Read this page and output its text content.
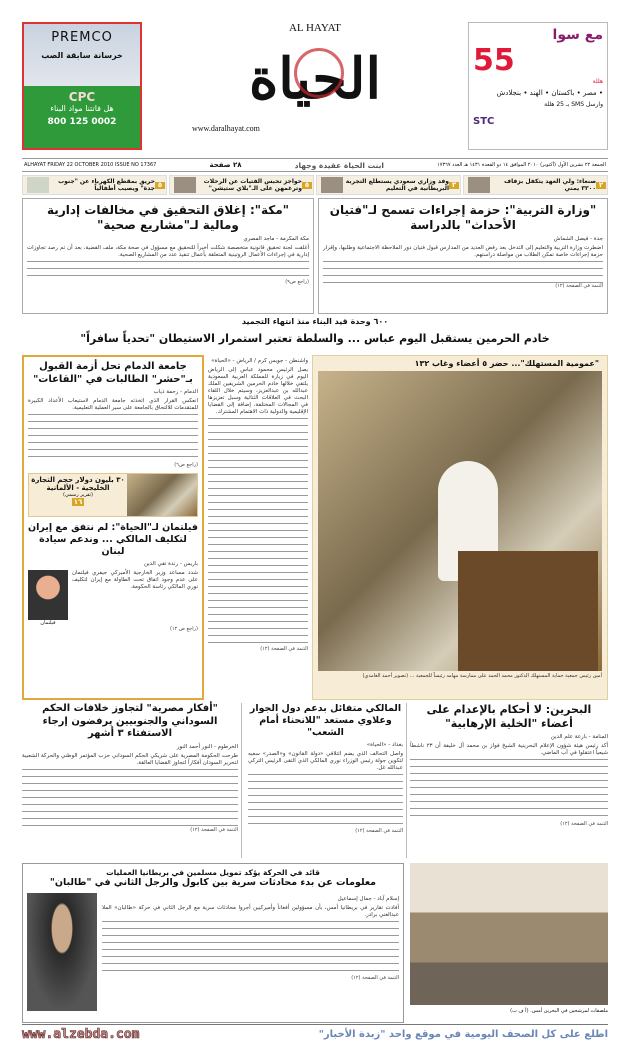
PREMCO
خرسانة سابقة الصب
CPC
هل فاتتنا مواد البناء
800 125 0002
AL HAYAT
الحياة
www.daralhayat.com
مع سوا
55
هللة
• مصر • باكستان • الهند • بنجلادش
وارسل SMS بـ 25 هللة
STC
ALHAYAT FRIDAY 22 OCTOBER 2010 ISSUE NO 17367	٢٨ صفحة	ابنت الحياة عقيدة وجهاد	الجمعة ٢٢ تشرين الأول (أكتوبر) ٢٠١٠ الموافق ١٤ ذو القعدة ١٤٣١ هـ العدد ١٧٣٦٧
صنعاء: ولي العهد يتكفل بزفاف ٣٣٠٠ يمني ٢
وفد وزاري سعودي يستطلع التجربة البريطانية في التعليم ٣
حواجز تحبس الفتيات عن الرحلات وترغمهن على الـ"بلاي ستيشن" ٥
حريق بمقطع الكهرباء عن "جنوب جدة" ويصيب أطفالياً ٥
"وزارة التربية": حزمة إجراءات تسمح لـ"فتيان الأحداث" بالدراسة
جدة - فيصل الشماش
اضطرت وزارة التربية والتعليم إلى التدخل بعد رفض العديد من المدارس قبول فتيان دور الملاحظة الاجتماعية وطلبها، وإقرار حزمة إجراءات خاصة تمكن الطلاب من مواصلة دراستهم.
التتمة في الصفحة (١٢)
"مكة": إغلاق التحقيق في مخالفات إدارية ومالية لـ"مشاريع صحية"
مكة المكرمة - ماجد المصري
أغلقت لجنة تحقيق قانونية متخصصة شكلت أخيراً للتحقيق مع مسؤول في صحة مكة، ملف القضية، بعد أن تم رصد تجاوزات إدارية في إجراءات الأعمال الروتينية المتعلقة بأعمال تنفيذ عدد من المشاريع الصحية.
(راجع ص٩)
٦٠٠ وحدة قيد البناء منذ انتهاء التجميد
خادم الحرمين يستقبل اليوم عباس ... والسلطة تعتبر استمرار الاستيطان "تحدياً سافراً"
"عمومية المستهلك"... حضر ٥ أعضاء وغاب ١٣٢
أمين رئيس جمعية حماية المستهلك الدكتور محمد الحمد على ممارسة مهامه رئيساً للجمعية ... (تصوير أحمد الغامدي)
واشنطن - جويس كرم / الرياض - «الحياة»
يصل الرئيس محمود عباس إلى الرياض اليوم في زيارة للمملكة العربية السعودية يلتقي خلالها خادم الحرمين الشريفين الملك عبدالله بن عبدالعزيز، وسيتم خلال اللقاء البحث في العلاقات الثنائية وسبل تعزيزها في المجالات المختلفة، إضافة إلى القضايا الإقليمية والدولية ذات الاهتمام المشترك.
التتمة في الصفحة (١٢)
جامعة الدمام تحل أزمة القبول بـ"حشر" الطالبات في "القاعات"
الدمام - رحمة ذياب
انعكس القرار الذي اتخذته جامعة الدمام لاستيعاب الأعداد الكبيرة للمتقدمات للالتحاق بالجامعة على سير العملية التعليمية.
(راجع ص٦)
٣٠ بليون دولار حجم التجارة الخليجية - الألمانية
(تقرير رسمي)
١٦
فيلتمان لـ"الحياة": لم نتفق مع إيران لتكليف المالكي ... وندعم سيادة لبنان
باريس - رندة تقي الدين
شدد مساعد وزير الخارجية الأميركي جيفري فيلتمان على عدم وجود اتفاق تحت الطاولة مع إيران لتكليف نوري المالكي رئاسة الحكومة.
فيلتمان
(راجع ص ١٢)
البحرين: لا أحكام بالإعدام على أعضاء "الخلية الإرهابية"
المنامة - بارعة علم الدين
أكد رئيس هيئة شؤون الإعلام البحرينية الشيخ فواز بن محمد آل خليفة أن ٢٣ ناشطاً شيعياً اعتقلوا في آب الماضي.
التتمة في الصفحة (١٢)
المالكي متفائل بدعم دول الجوار وعلاوي مستعد "للانحناء أمام الشعب"
بغداد - «الحياة»
واصل التحالف الذي يضم ائتلافي «دولة القانون» و«الصدر» سعيه لتكوين جولة رئيس الوزراء نوري المالكي الذي التقى الرئيس التركي عبدالله غل.
التتمة في الصفحة (١٢)
"أفكار مصرية" لتجاوز خلافات الحكم السوداني والجنوبيين يرفضون إرجاء الاستفتاء ٣ أشهر
الخرطوم - النور أحمد النور
طرحت الحكومة المصرية على شريكي الحكم السوداني حزب المؤتمر الوطني والحركة الشعبية لتحرير السودان أفكاراً لتجاوز القضايا العالقة.
التتمة في الصفحة (١٢)
قائد في الحركة يؤكد تمويل مسلمين في بريطانيا العمليات
معلومات عن بدء محادثات سرية بين كابول والرجل الثاني في "طالبان"
إسلام آباد - جمال إسماعيل
أفادت تقارير في بريطانيا أمس، بأن مسؤولين أفغاناً وأميركيين أجروا محادثات سرية مع الرجل الثاني في حركة «طالبان» الملا عبدالغني برادر.
التتمة في الصفحة (١٢)
ملصقات لمرشحين في البحرين أمس. (أ ف ب)
www.alzebda.com	اطلع على كل الصحف اليومية في موقع واحد "زبدة الأخبار"
